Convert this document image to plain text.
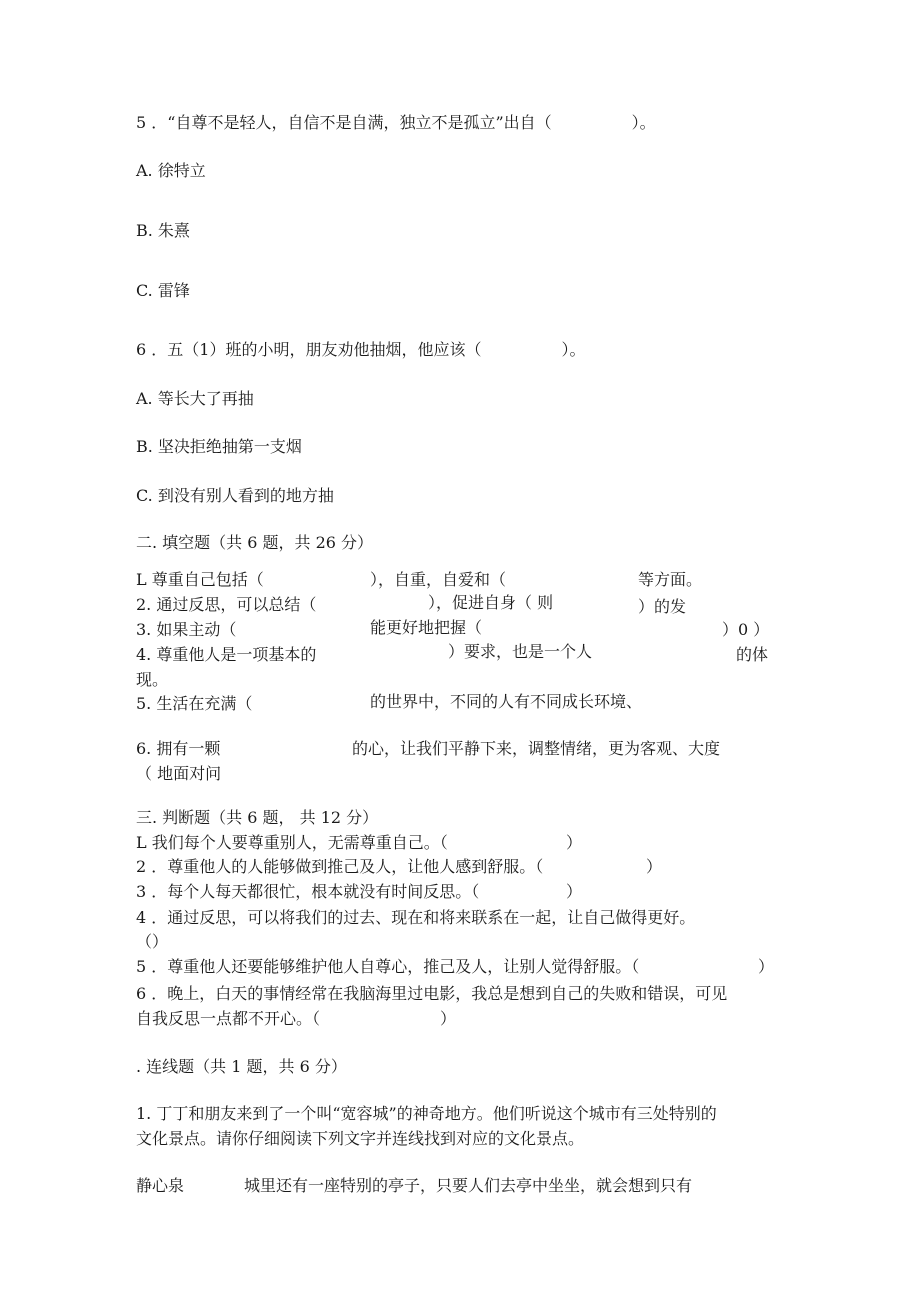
5 ．“自尊不是轻人，自信不是自满，独立不是孤立”出自（　　　　　）。
A. 徐特立
B. 朱熹
C. 雷锋
6 ．五（1）班的小明，朋友劝他抽烟，他应该（　　　　　）。
A. 等长大了再抽
B. 坚决拒绝抽第一支烟
C. 到没有别人看到的地方抽
二. 填空题（共 6 题，共 26 分）
L 尊重自己包括（	），自重，自爱和（	等方面。
2. 通过反思，可以总结（	），促进自身（ 则	）的发
3. 如果主动（	能更好地把握（	）0 ）
4. 尊重他人是一项基本的	）要求，也是一个人	的体
现。
5. 生活在充满（	的世界中，不同的人有不同成长环境、
6. 拥有一颗	的心，让我们平静下来，调整情绪，更为客观、大度
（ 地面对问
三. 判断题（共 6 题， 共 12 分）
L 我们每个人要尊重别人，无需尊重自己。（	）
2 ．尊重他人的人能够做到推己及人，让他人感到舒服。（	）
3 ．每个人每天都很忙，根本就没有时间反思。（	）
4 ．通过反思，可以将我们的过去、现在和将来联系在一起，让自己做得更好。
（）
5 ．尊重他人还要能够维护他人自尊心，推己及人，让别人觉得舒服。（	）
6 ．晚上，白天的事情经常在我脑海里过电影，我总是想到自己的失败和错误，可见
自我反思一点都不开心。（	）
. 连线题（共 1 题，共 6 分）
1. 丁丁和朋友来到了一个叫“宽容城”的神奇地方。他们听说这个城市有三处特别的
文化景点。请你仔细阅读下列文字并连线找到对应的文化景点。
静心泉	城里还有一座特别的亭子，只要人们去亭中坐坐，就会想到只有
